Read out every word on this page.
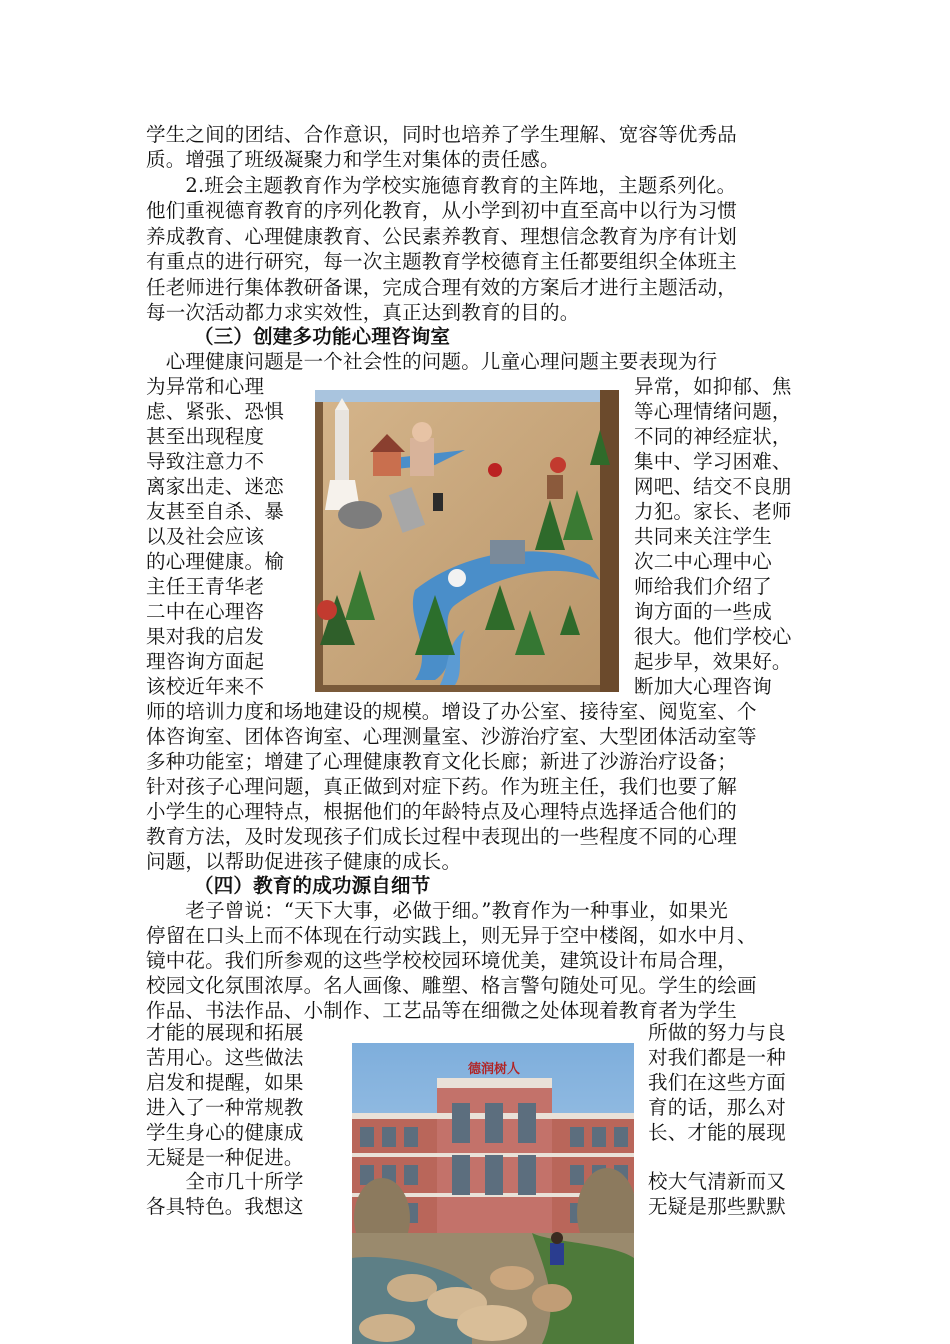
学生之间的团结、合作意识，同时也培养了学生理解、宽容等优秀品
质。增强了班级凝聚力和学生对集体的责任感。
　　2.班会主题教育作为学校实施德育教育的主阵地，主题系列化。
他们重视德育教育的序列化教育，从小学到初中直至高中以行为习惯
养成教育、心理健康教育、公民素养教育、理想信念教育为序有计划
有重点的进行研究，每一次主题教育学校德育主任都要组织全体班主
任老师进行集体教研备课，完成合理有效的方案后才进行主题活动，
每一次活动都力求实效性，真正达到教育的目的。
（三）创建多功能心理咨询室
　心理健康问题是一个社会性的问题。儿童心理问题主要表现为行
为异常和心理
虑、紧张、恐惧
甚至出现程度
导致注意力不
离家出走、迷恋
友甚至自杀、暴
以及社会应该
的心理健康。榆
主任王青华老
二中在心理咨
果对我的启发
理咨询方面起
该校近年来不
异常，如抑郁、焦
等心理情绪问题，
不同的神经症状，
集中、学习困难、
网吧、结交不良朋
力犯。家长、老师
共同来关注学生
次二中心理中心
师给我们介绍了
询方面的一些成
很大。他们学校心
起步早，效果好。
断加大心理咨询
师的培训力度和场地建设的规模。增设了办公室、接待室、阅览室、个
体咨询室、团体咨询室、心理测量室、沙游治疗室、大型团体活动室等
多种功能室；增建了心理健康教育文化长廊；新进了沙游治疗设备；
针对孩子心理问题，真正做到对症下药。作为班主任，我们也要了解
小学生的心理特点，根据他们的年龄特点及心理特点选择适合他们的
教育方法，及时发现孩子们成长过程中表现出的一些程度不同的心理
问题，以帮助促进孩子健康的成长。
（四）教育的成功源自细节
　　老子曾说：“天下大事，必做于细。”教育作为一种事业，如果光
停留在口头上而不体现在行动实践上，则无异于空中楼阁，如水中月、
镜中花。我们所参观的这些学校校园环境优美，建筑设计布局合理，
校园文化氛围浓厚。名人画像、雕塑、格言警句随处可见。学生的绘画
作品、书法作品、小制作、工艺品等在细微之处体现着教育者为学生
才能的展现和拓展
苦用心。这些做法
启发和提醒，如果
进入了一种常规教
学生身心的健康成
无疑是一种促进。
　　全市几十所学
各具特色。我想这
所做的努力与良
对我们都是一种
我们在这些方面
育的话，那么对
长、才能的展现
校大气清新而又
无疑是那些默默
德润树人
